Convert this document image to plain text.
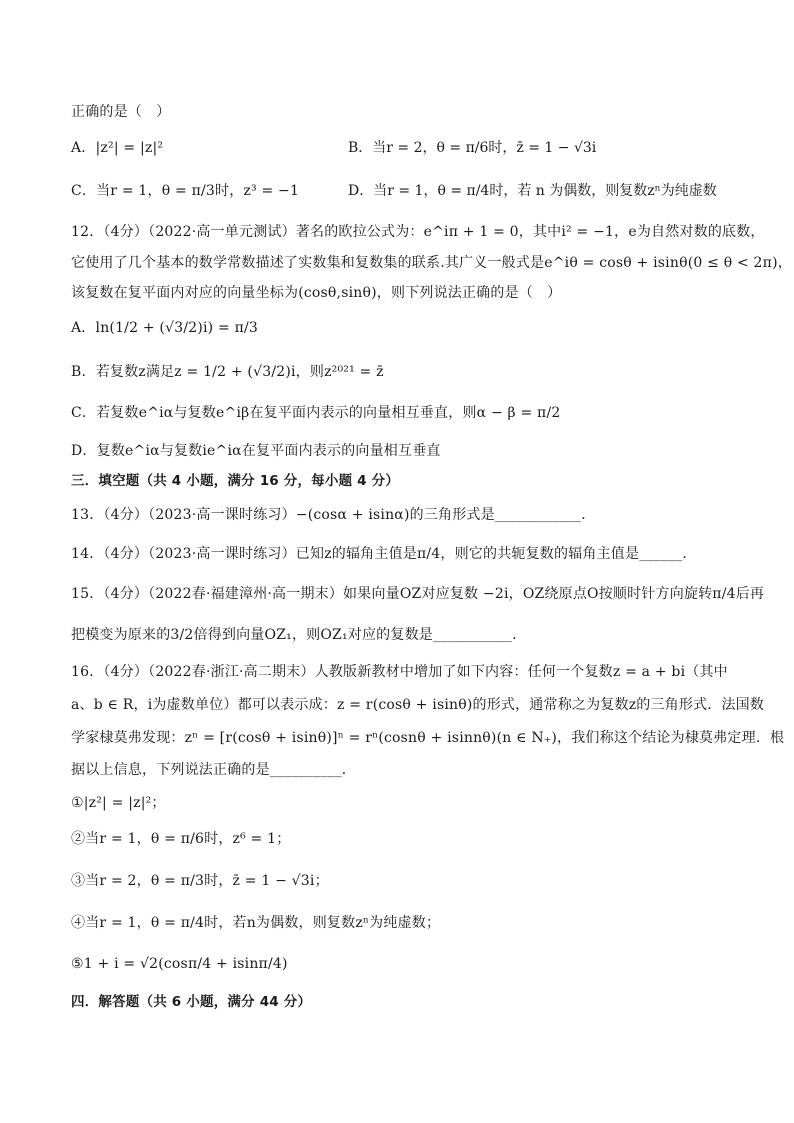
正确的是（　）
A．|z²| = |z|²	B．当r = 2，θ = π/6时，z̄ = 1 − √3i
C．当r = 1，θ = π/3时，z³ = −1	D．当r = 1，θ = π/4时，若 n 为偶数，则复数zⁿ为纯虚数
12．（4分）（2022·高一单元测试）著名的欧拉公式为：e^iπ + 1 = 0，其中i² = −1，e为自然对数的底数，
它使用了几个基本的数学常数描述了实数集和复数集的联系.其广义一般式是e^iθ = cosθ + isinθ(0 ≤ θ < 2π)，
该复数在复平面内对应的向量坐标为(cosθ,sinθ)，则下列说法正确的是（　）
A．ln(1/2 + (√3/2)i) = π/3
B．若复数z满足z = 1/2 + (√3/2)i，则z²⁰²¹ = z̄
C．若复数e^iα与复数e^iβ在复平面内表示的向量相互垂直，则α − β = π/2
D．复数e^iα与复数ie^iα在复平面内表示的向量相互垂直
三．填空题（共 4 小题，满分 16 分，每小题 4 分）
13．（4分）（2023·高一课时练习）−(cosα + isinα)的三角形式是____________．
14．（4分）（2023·高一课时练习）已知z的辐角主值是π/4，则它的共轭复数的辐角主值是______．
15．（4分）（2022春·福建漳州·高一期末）如果向量OZ对应复数 −2i，OZ绕原点O按顺时针方向旋转π/4后再
把模变为原来的3/2倍得到向量OZ₁，则OZ₁对应的复数是___________．
16．（4分）（2022春·浙江·高二期末）人教版新教材中增加了如下内容：任何一个复数z = a + bi（其中
a、b ∈ R，i为虚数单位）都可以表示成：z = r(cosθ + isinθ)的形式，通常称之为复数z的三角形式．法国数
学家棣莫弗发现：zⁿ = [r(cosθ + isinθ)]ⁿ = rⁿ(cosnθ + isinnθ)(n ∈ N₊)，我们称这个结论为棣莫弗定理．根
据以上信息，下列说法正确的是__________．
①|z²| = |z|²；
②当r = 1，θ = π/6时，z⁶ = 1；
③当r = 2，θ = π/3时，z̄ = 1 − √3i；
④当r = 1，θ = π/4时，若n为偶数，则复数zⁿ为纯虚数；
⑤1 + i = √2(cosπ/4 + isinπ/4)
四．解答题（共 6 小题，满分 44 分）
